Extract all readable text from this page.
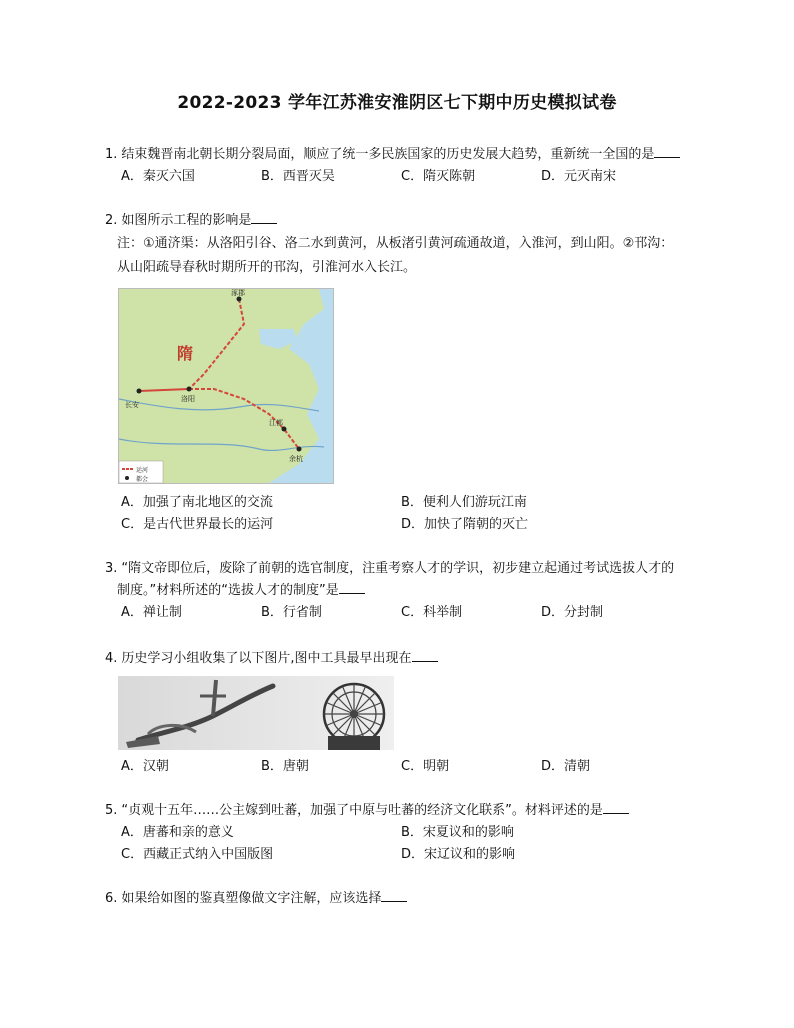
2022-2023 学年江苏淮安淮阴区七下期中历史模拟试卷
1. 结束魏晋南北朝长期分裂局面，顺应了统一多民族国家的历史发展大趋势，重新统一全国的是
A．秦灭六国	B．西晋灭吴	C．隋灭陈朝	D．元灭南宋
2. 如图所示工程的影响是
注：①通济渠：从洛阳引谷、洛二水到黄河，从板渚引黄河疏通故道，入淮河，到山阳。②邗沟：
从山阳疏导春秋时期所开的邗沟，引淮河水入长江。
隋
长安
洛阳
涿郡
江都
余杭
运河
都会
A．加强了南北地区的交流	B．便利人们游玩江南
C．是古代世界最长的运河	D．加快了隋朝的灭亡
3. “隋文帝即位后，废除了前朝的选官制度，注重考察人才的学识，初步建立起通过考试选拔人才的
制度。”材料所述的“选拔人才的制度”是
A．禅让制	B．行省制	C．科举制	D．分封制
4. 历史学习小组收集了以下图片,图中工具最早出现在
A．汉朝	B．唐朝	C．明朝	D．清朝
5. “贞观十五年……公主嫁到吐蕃，加强了中原与吐蕃的经济文化联系”。材料评述的是
A．唐蕃和亲的意义	B．宋夏议和的影响
C．西藏正式纳入中国版图	D．宋辽议和的影响
6. 如果给如图的鉴真塑像做文字注解，应该选择
